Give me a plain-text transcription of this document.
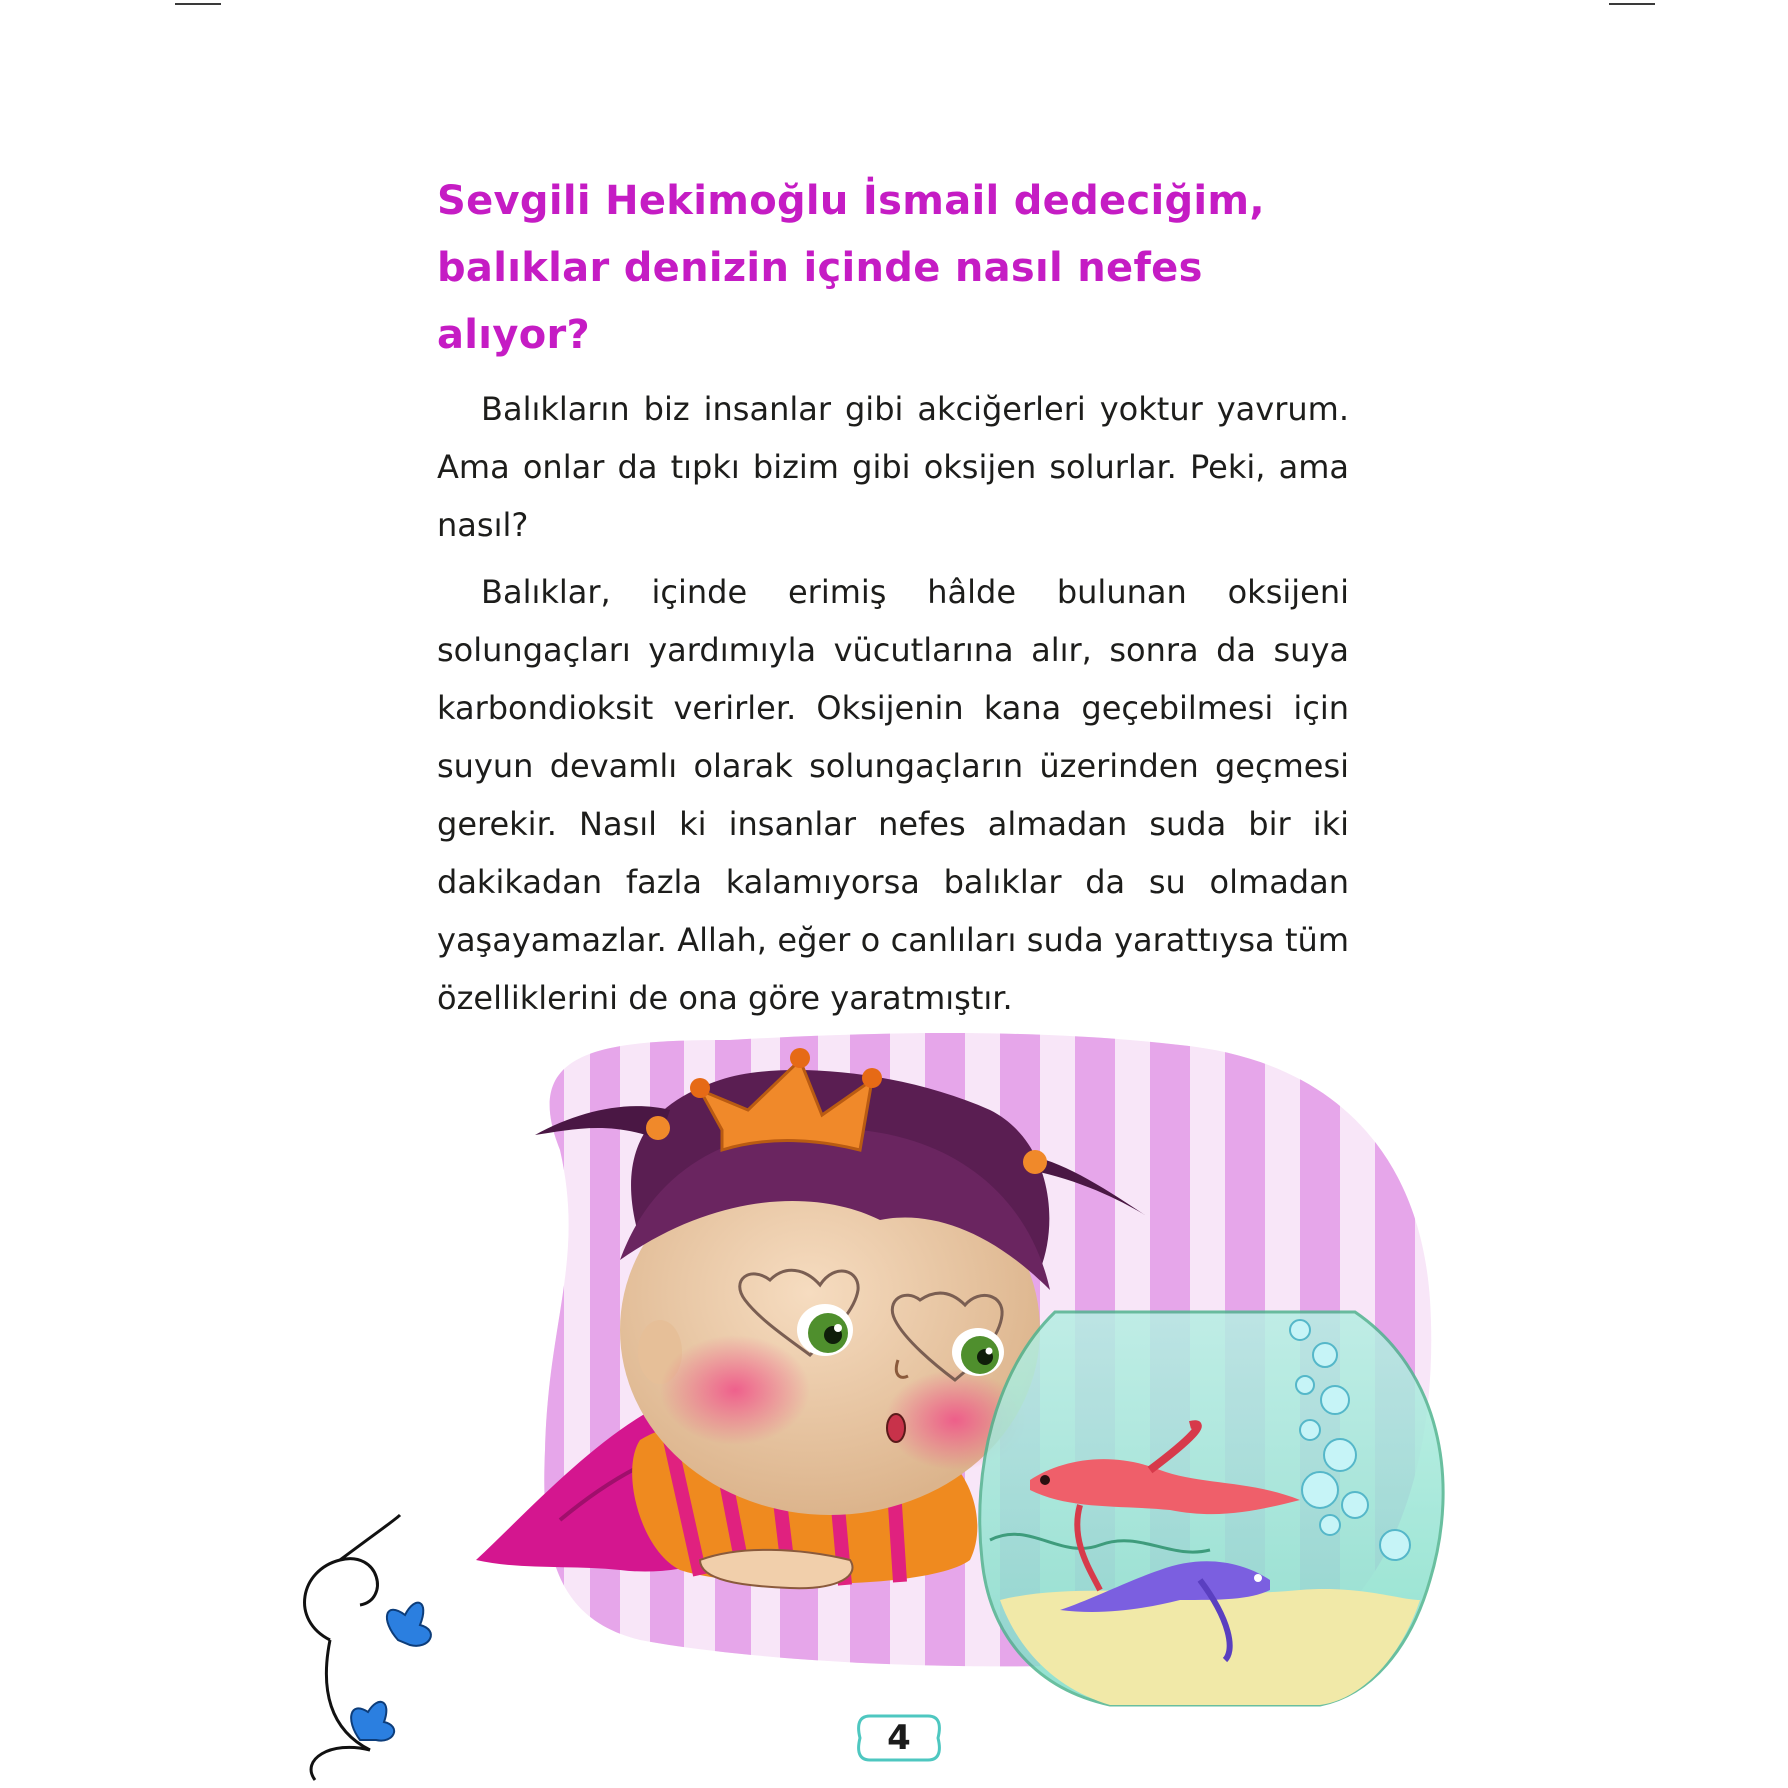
Sevgili Hekimoğlu İsmail dedeciğim, balıklar denizin içinde nasıl nefes alıyor?

Balıkların biz insanlar gibi akciğerleri yoktur yavrum. Ama onlar da tıpkı bizim gibi oksijen solurlar. Peki, ama nasıl?

Balıklar, içinde erimiş hâlde bulunan oksijeni solungaçları yardımıyla vücutlarına alır, sonra da suya karbondioksit verirler. Oksijenin kana geçebilmesi için suyun devamlı olarak solungaçların üzerinden geçmesi gerekir. Nasıl ki insanlar nefes almadan suda bir iki dakikadan fazla kalamıyorsa balıklar da su olmadan yaşayamazlar. Allah, eğer o canlıları suda yarattıysa tüm özelliklerini de ona göre yaratmıştır.

4
